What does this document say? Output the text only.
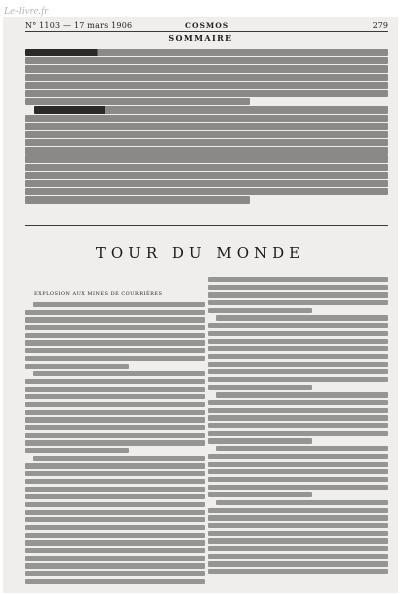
Le-livre.fr
N° 1103 — 17 mars 1906	COSMOS	279
SOMMAIRE
TOUR DU MONDE
EXPLOSION AUX MINES DE COURRIÈRES
